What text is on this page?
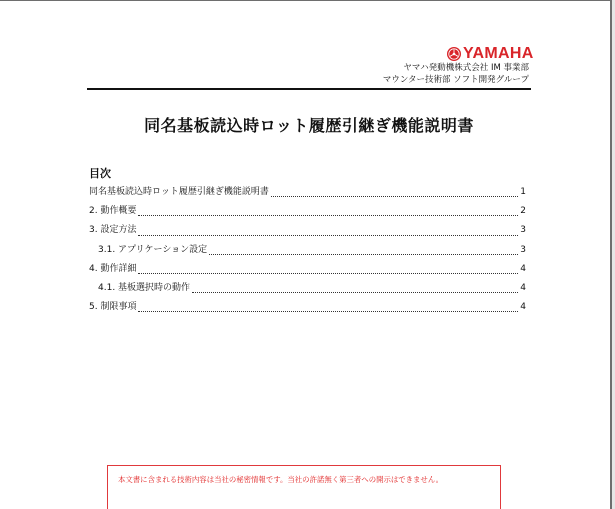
YAMAHA
ヤマハ発動機株式会社 IM 事業部
マウンター技術部 ソフト開発グループ
同名基板読込時ロット履歴引継ぎ機能説明書
目次
同名基板読込時ロット履歴引継ぎ機能説明書	1
2. 動作概要	2
3. 設定方法	3
3.1. アプリケーション設定	3
4. 動作詳細	4
4.1. 基板選択時の動作	4
5. 制限事項	4
本文書に含まれる技術内容は当社の秘密情報です。当社の許諾無く第三者への開示はできません。
